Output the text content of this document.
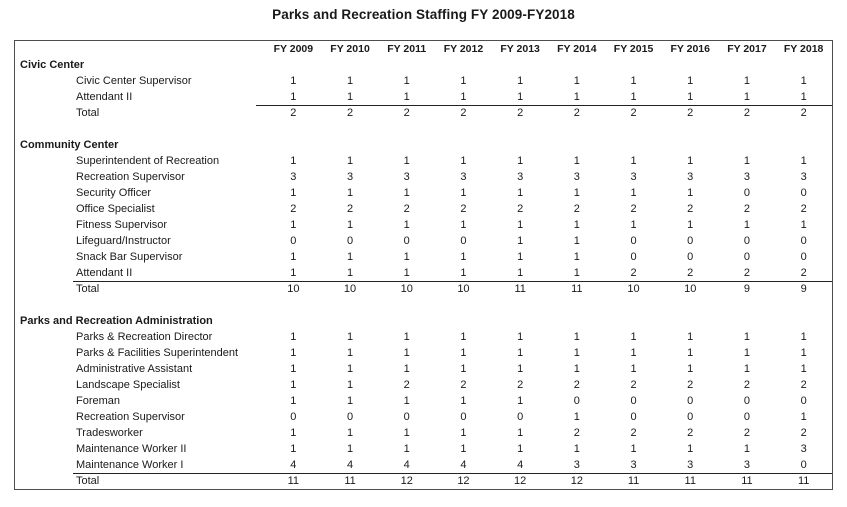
Parks and Recreation Staffing FY 2009-FY2018
FY 2009	FY 2010	FY 2011	FY 2012	FY 2013	FY 2014	FY 2015	FY 2016	FY 2017	FY 2018
Civic Center
Civic Center Supervisor	1	1	1	1	1	1	1	1	1	1
Attendant II	1	1	1	1	1	1	1	1	1	1
Total	2	2	2	2	2	2	2	2	2	2
Community Center
Superintendent of Recreation	1	1	1	1	1	1	1	1	1	1
Recreation Supervisor	3	3	3	3	3	3	3	3	3	3
Security Officer	1	1	1	1	1	1	1	1	0	0
Office Specialist	2	2	2	2	2	2	2	2	2	2
Fitness Supervisor	1	1	1	1	1	1	1	1	1	1
Lifeguard/Instructor	0	0	0	0	1	1	0	0	0	0
Snack Bar Supervisor	1	1	1	1	1	1	0	0	0	0
Attendant II	1	1	1	1	1	1	2	2	2	2
Total	10	10	10	10	11	11	10	10	9	9
Parks and Recreation Administration
Parks & Recreation Director	1	1	1	1	1	1	1	1	1	1
Parks & Facilities Superintendent	1	1	1	1	1	1	1	1	1	1
Administrative Assistant	1	1	1	1	1	1	1	1	1	1
Landscape Specialist	1	1	2	2	2	2	2	2	2	2
Foreman	1	1	1	1	1	0	0	0	0	0
Recreation Supervisor	0	0	0	0	0	1	0	0	0	1
Tradesworker	1	1	1	1	1	2	2	2	2	2
Maintenance Worker II	1	1	1	1	1	1	1	1	1	3
Maintenance Worker I	4	4	4	4	4	3	3	3	3	0
Total	11	11	12	12	12	12	11	11	11	11
